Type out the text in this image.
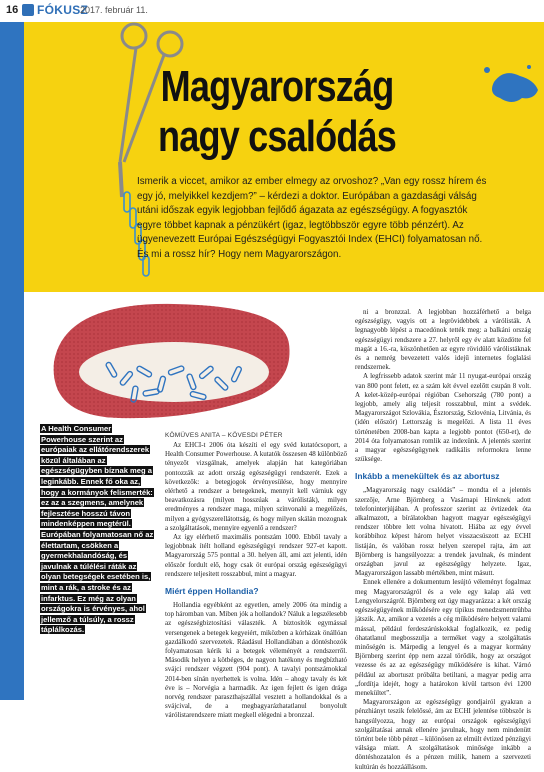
16 FÓKUSZ
2017. február 11.
Magyarország
nagy csalódás
Ismerik a viccet, amikor az ember elmegy az orvoshoz? „Van egy rossz hírem és egy jó, melyikkel kezdjem?” – kérdezi a doktor. Európában a gazdasági válság utáni időszak egyik legjobban fejlődő ágazata az egészségügy. A fogyasztók egyre többet kapnak a pénzükért (igaz, legtöbbször egyre több pénzért). Az ügyenevezett Európai Egészségügyi Fogyasztói Index (EHCI) folyamatosan nő. És mi a rossz hír? Hogy nem Magyarországon.
A Health Consumer Powerhouse szerint az európaiak az ellátórendszerek közül általában az egészségügyben bíznak meg a leginkább. Ennek fő oka az, hogy a kormányok felismerték: ez az a szegmens, amelynek fejlesztése hosszú távon mindenképpen megtérül. Európában folyamatosan nő az élettartam, csökken a gyermekhalandóság, és javulnak a túlélési ráták az olyan betegségek esetében is, mint a rák, a stroke és az infarktus. Ez még az olyan országokra is érvényes, ahol jellemző a túlsúly, a rossz táplálkozás.
KÖMÜVES ANITA – KÖVESDI PÉTER

Az EHCI-t 2006 óta készíti el egy svéd kutatócsoport, a Health Consumer Powerhouse. A kutatók összesen 48 különböző tényezőt vizsgálnak, amelyek alapján hat kategóriában pontozzák az adott ország egészségügyi rendszerét. Ezek a következők: a betegjogok érvényesülése, hogy mennyire elérhető a rendszer a betegeknek, mennyit kell várniuk egy beavatkozásra (milyen hosszúak a várólisták), milyen eredményes a rendszer maga, milyen színvonalú a megelőzés, milyen a gyógyszerellátottság, és hogy milyen skálán mozognak a szolgáltatások, mennyire egyenlő a rendszer?

Az így elérhető maximális pontszám 1000. Ebből tavaly a legjobbnak ítélt holland egészségügyi rendszer 927-et kapott. Magyarország 575 ponttal a 30. helyen áll, ami azt jelenti, idén először fordult elő, hogy csak öt európai ország egészségügyi rendszere teljesített rosszabbul, mint a magyar.

Miért éppen Hollandia?

Hollandia egyébként az egyetlen, amely 2006 óta mindig a top háromban van. Miben jók a hollandok? Náluk a legszélesebb az egészségbiztosítási választék. A biztosítók egymással versengenek a betegek kegyeiért, miközben a kórházak önállóan gazdálkodó szervezetek. Ráadásul Hollandiában a döntéshozók folyamatosan kérik ki a betegek véleményét a rendszerről. Második helyen a kötbéges, de nagyon hatékony és megbízható svájci rendszer végzett (904 pont). A tavalyi pontszámokkal 2014-ben sínán nyerhettek is volna. Idén – ahogy tavaly és két éve is – Norvégia a harmadik. Az igen fejlett és igen drága norvég rendszer paraszthajszállal vesztett a hollandokkal és a svájcival, de a megbagyarázhatatlanul bonyolult várólistarendszere miatt megkell elégedni a bronzzal.

ni a bronzzal. A legjobban hozzáférhető a belga egészségügy, vagyis ott a legrövidebbek a várólisták. A legnagyobb lépést a macedónok tették meg: a balkáni ország egészségügyi rendszere a 27. helyről egy év alatt közdötte fel magát a 16.-ra, köszönhetően az egyre rövidülő várólistáknak és a nemrég bevezetett valós idejű internetes foglalási rendszernek.

A legfrissebb adatok szerint már 11 nyugat-európai ország van 800 pont felett, ez a szám két évvel ezelőtt csupán 8 volt. A kelet-közép-európai régióban Csehország (780 pont) a legjobb, amely alig teljesít rosszabbul, mint a svédek. Magyarországot Szlovákia, Észtország, Szlovénia, Litvánia, és (idén először) Lettország is megelőzi. A lista 11 éves történetében 2008-ban kapta a legjobb pontot (650-et), de 2014 óta folyamatosan romlik az indexünk. A jelentés szerint a magyar egészségügynek radikális reformokra lenne szüksége.

Inkább a menekültek és az abortusz

„Magyarország nagy csalódás” – mondta el a jelentés szerzője, Arne Björnberg a Vasárnapi Híreknek adott telefoninterjújában. A professzor szerint az évtizedek óta alkalmazott, a bírálatokban hagyott magyar egészségügyi rendszer többre lett volna hivatott. Hiába az egy évvel korábbihoz képest három helyet visszacsúszott az ECHI listáján, és valóban rossz helyen szerepel rajta, ám azt Björnberg is hangsúlyozza: a trendek javulnak, és mindent országban javul az egészségügy helyzete. Igaz, Magyarországon lassabb mértékben, mint másutt.

Ennek ellenére a dokumentum lesújtó véleményt fogalmaz meg Magyarországról és a vele egy kalap alá vett Lengyelországról. Björnberg ezt úgy magyarázza: a két ország egészségügyének működésére egy tipikus menedzsmentrühba játszik. Az, amikor a vezetés a cég működésére helyett valami mással, például ferdeszárúskokkal foglalkozik, ez pedig óhatatlanul megbosszulja a terméket vagy a szolgáltatás minőségén is. Márpedig a lengyel és a magyar kormány Björnberg szerint épp nem azzal törődik, hogy az országot vezesse és az az egészségügy működésére is kihat. Várnó például az abortuszt próbálta betiltani, a magyar pedig arra „fordítja idejét, hogy a határokon kívül tartson évi 1200 menekültet”.

Magyarországon az egészségügy gondjairól gyakran a pénzhiányt teszik felelőssé, ám az ECHI jelentése többször is hangsúlyozza, hogy az európai országok egészségügyi szolgáltatásai annak ellenére javulnak, hogy nem mindenütt történt bele több pénzt – különösen az elmúlt évtized pénzügyi válsága miatt. A szolgáltatások minősége inkább a döntéshozatalon és a pénzen múlik, hanem a szervezeti kultúrán és hozzáállásom.
